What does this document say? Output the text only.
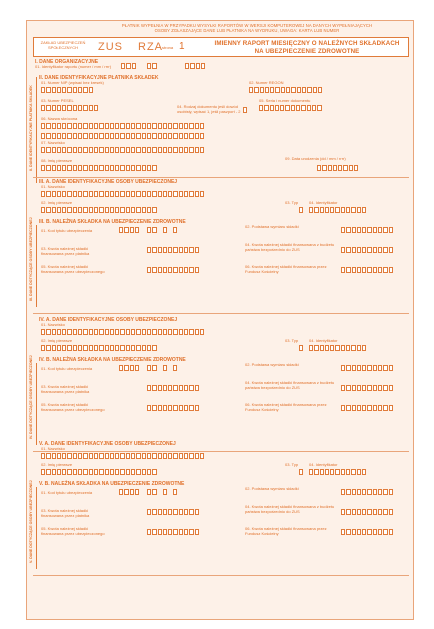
PŁATNIK WYPEŁNIA W PRZYPADKU WYSYŁKI RAPORTÓW W WERSJI KOMPUTEROWEJ NA DANYCH WYPEŁNIAJĄCYCH
OSOBY ZGŁASZAJĄCE DANE LUB PŁATNIKA NA WYDRUKU, UWAGA: KARTA LUB NUMER
ZAKŁAD UBEZPIECZEŃ SPOŁECZNYCH	ZUS RZA strona 1	IMIENNY RAPORT MIESIĘCZNY O NALEŻNYCH SKŁADKACH
NA UBEZPIECZENIE ZDROWOTNE
I. DANE ORGANIZACYJNE
01. Identyfikator raportu (numer / mm / rrrr)
II. DANE IDENTYFIKACYJNE PŁATNIKA SKŁADEK
II. DANE IDENTYFIKACYJNE PŁATNIKA SKŁADEK
01. Numer NIP (wpisać bez kresek)	02. Numer REGON
03. Numer PESEL
04. Rodzaj dokumentu jeśli dowód osobisty, wpisać 1, jeśli paszport - 2
05. Seria i numer dokumentu
06. Nazwa skrócona
07. Nazwisko
08. Imię pierwsze	09. Data urodzenia (dd / mm / rrrr)
III. DANE DOTYCZĄCE OSOBY UBEZPIECZONEJ
III. A. DANE IDENTYFIKACYJNE OSOBY UBEZPIECZONEJ
01. Nazwisko
02. Imię pierwsze	03. Typ	04. Identyfikator
III. B. NALEŻNA SKŁADKA NA UBEZPIECZENIE ZDROWOTNE
01. Kod tytułu ubezpieczenia
02. Podstawa wymiaru składki
03. Kwota należnej składki finansowana przez płatnika
04. Kwota należnej składki finansowana z budżetu państwa bezpośrednio do ZUS
05. Kwota należnej składki finansowana przez ubezpieczonego
06. Kwota należnej składki finansowana przez Fundusz Kościelny
IV. DANE DOTYCZĄCE OSOBY UBEZPIECZONEJ
IV. A. DANE IDENTYFIKACYJNE OSOBY UBEZPIECZONEJ
01. Nazwisko
02. Imię pierwsze	03. Typ	04. Identyfikator
IV. B. NALEŻNA SKŁADKA NA UBEZPIECZENIE ZDROWOTNE
01. Kod tytułu ubezpieczenia
02. Podstawa wymiaru składki
03. Kwota należnej składki finansowana przez płatnika
04. Kwota należnej składki finansowana z budżetu państwa bezpośrednio do ZUS
05. Kwota należnej składki finansowana przez ubezpieczonego
06. Kwota należnej składki finansowana przez Fundusz Kościelny
V. DANE DOTYCZĄCE OSOBY UBEZPIECZONEJ
V. A. DANE IDENTYFIKACYJNE OSOBY UBEZPIECZONEJ
01. Nazwisko
02. Imię pierwsze	03. Typ	04. Identyfikator
V. B. NALEŻNA SKŁADKA NA UBEZPIECZENIE ZDROWOTNE
01. Kod tytułu ubezpieczenia
02. Podstawa wymiaru składki
03. Kwota należnej składki finansowana przez płatnika
04. Kwota należnej składki finansowana z budżetu państwa bezpośrednio do ZUS
05. Kwota należnej składki finansowana przez ubezpieczonego
06. Kwota należnej składki finansowana przez Fundusz Kościelny
